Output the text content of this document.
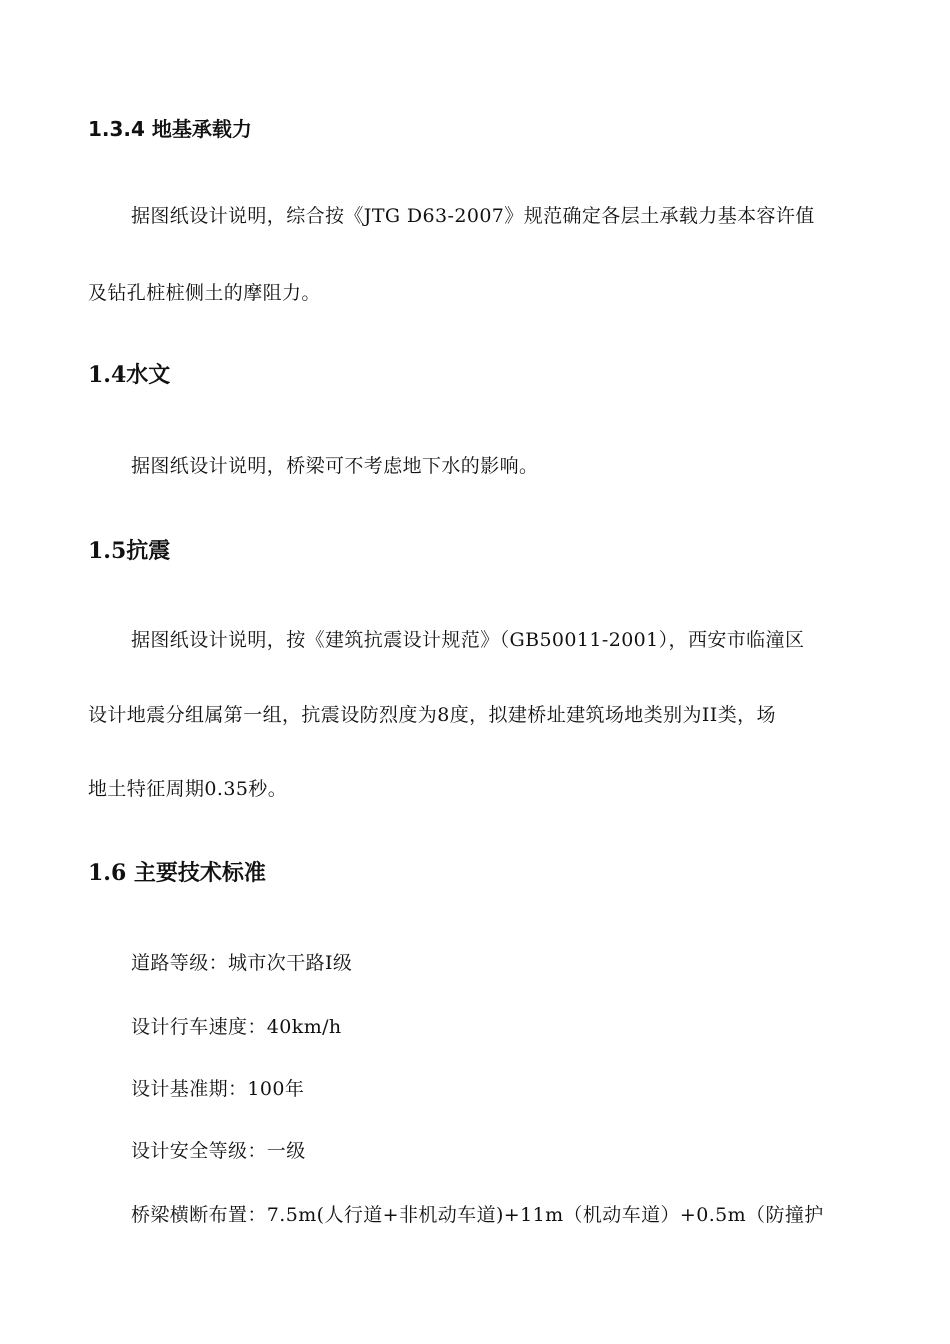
1.3.4 地基承载力
据图纸设计说明，综合按《JTG D63-2007》规范确定各层土承载力基本容许值
及钻孔桩桩侧土的摩阻力。
1.4水文
据图纸设计说明，桥梁可不考虑地下水的影响。
1.5抗震
据图纸设计说明，按《建筑抗震设计规范》（GB50011-2001），西安市临潼区
设计地震分组属第一组，抗震设防烈度为8度，拟建桥址建筑场地类别为II类，场
地土特征周期0.35秒。
1.6 主要技术标准
道路等级：城市次干路Ⅰ级
设计行车速度：40km/h
设计基准期：100年
设计安全等级：一级
桥梁横断布置：7.5m(人行道+非机动车道)+11m（机动车道）+0.5m（防撞护
